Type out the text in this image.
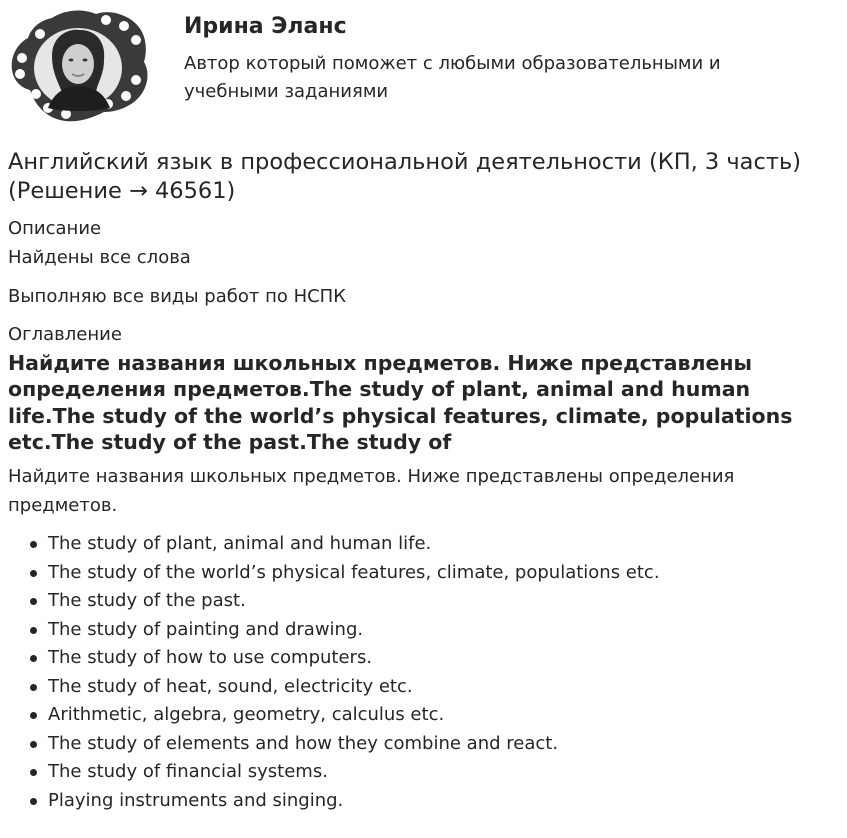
Ирина Эланс
Автор который поможет с любыми образовательными и учебными заданиями
Английский язык в профессиональной деятельности (КП, 3 часть) (Решение → 46561)
Описание
Найдены все слова
Выполняю все виды работ по НСПК
Оглавление
Найдите названия школьных предметов. Ниже представлены определения предметов.The study of plant, animal and human life.The study of the world’s physical features, climate, populations etc.The study of the past.The study of
Найдите названия школьных предметов. Ниже представлены определения предметов.
The study of plant, animal and human life.
The study of the world’s physical features, climate, populations etc.
The study of the past.
The study of painting and drawing.
The study of how to use computers.
The study of heat, sound, electricity etc.
Arithmetic, algebra, geometry, calculus etc.
The study of elements and how they combine and react.
The study of financial systems.
Playing instruments and singing.
